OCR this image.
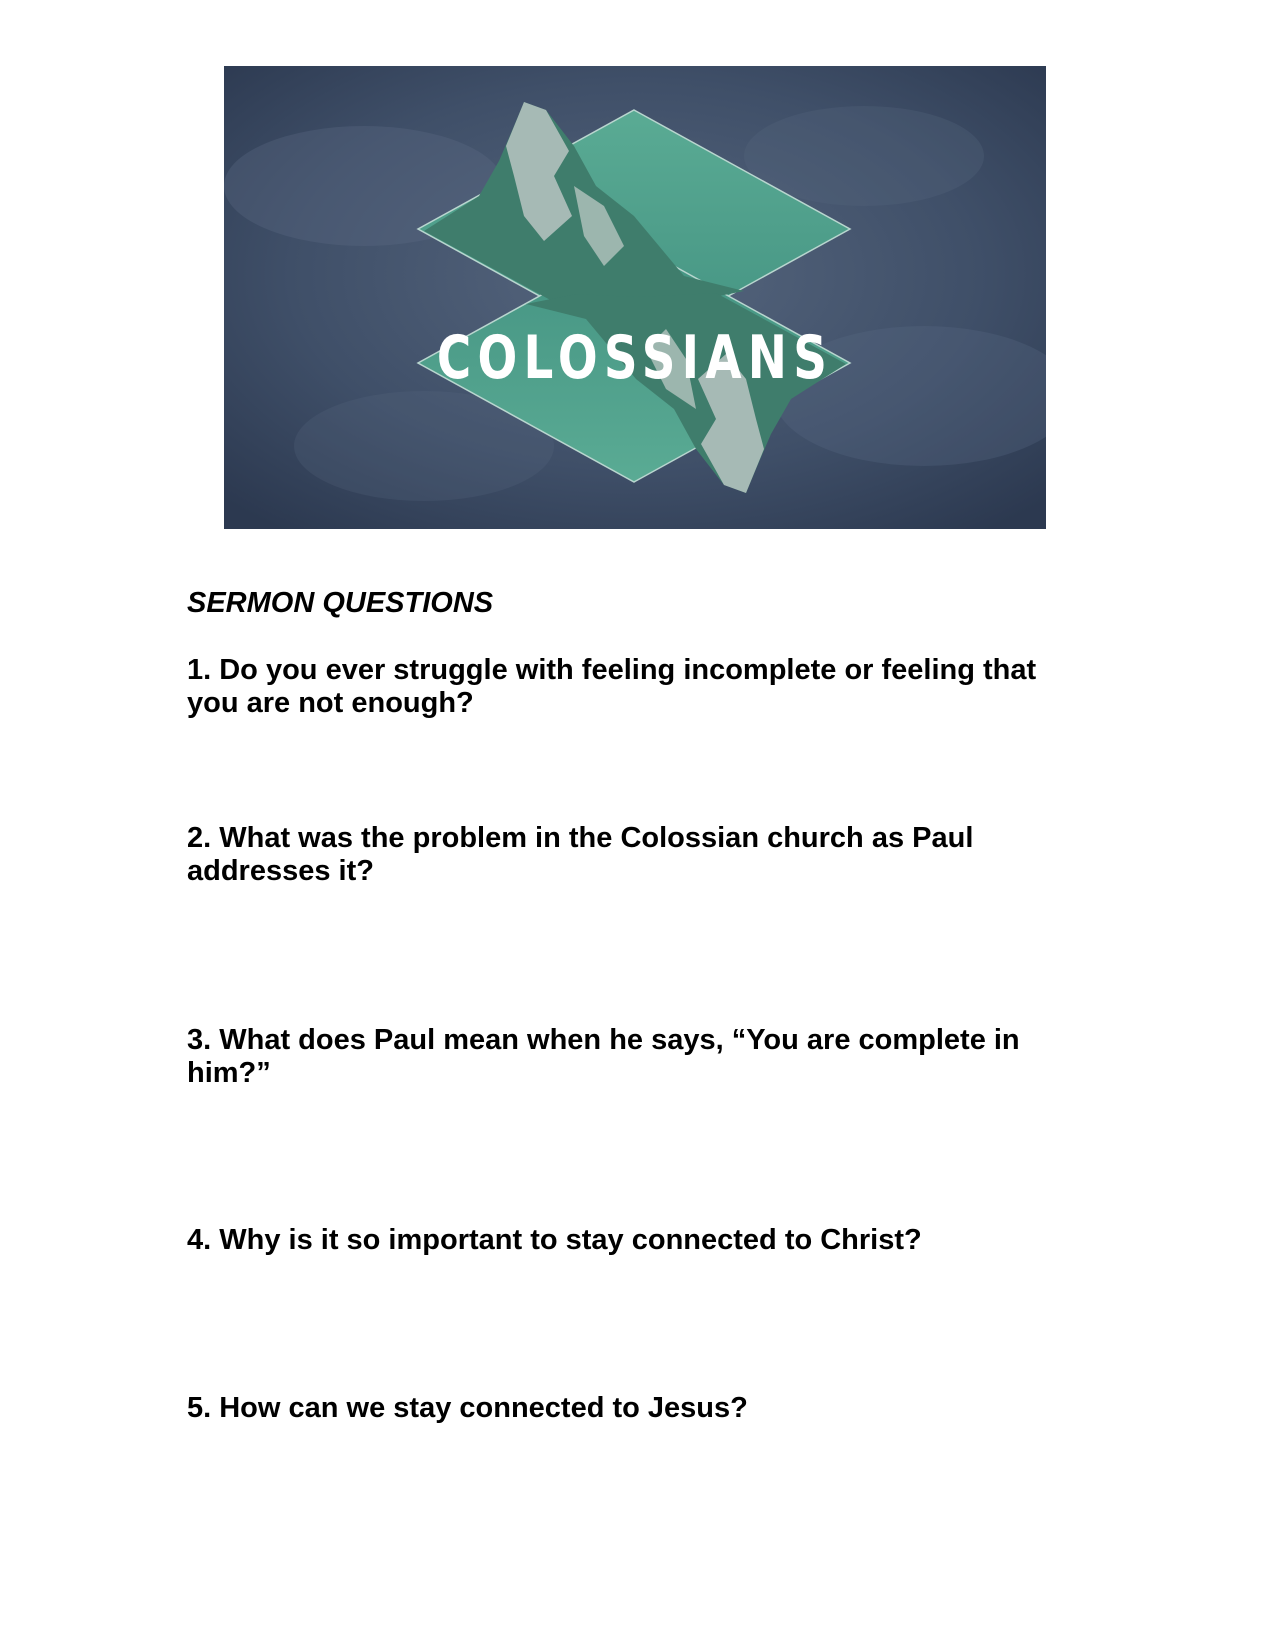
COLOSSIANS
SERMON QUESTIONS

1. Do you ever struggle with feeling incomplete or feeling that you are not enough?

2. What was the problem in the Colossian church as Paul addresses it?

3. What does Paul mean when he says, “You are complete in him?”

4. Why is it so important to stay connected to Christ?

5. How can we stay connected to Jesus?
